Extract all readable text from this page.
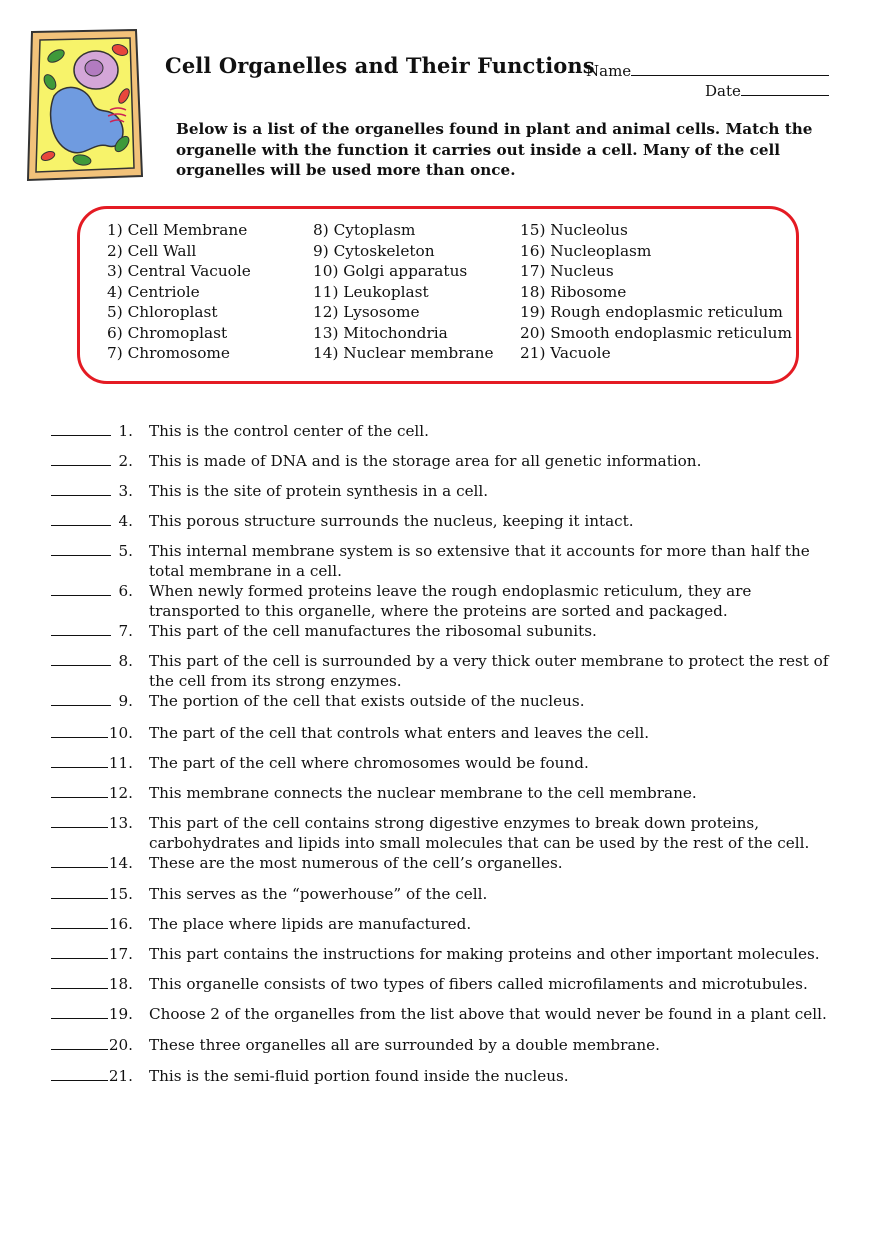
Cell Organelles and Their Functions
Name
Date

Below is a list of the organelles found in plant and animal cells. Match the organelle with the function it carries out inside a cell. Many of the cell organelles will be used more than once.

1) Cell Membrane
2) Cell Wall
3) Central Vacuole
4) Centriole
5) Chloroplast
6) Chromoplast
7) Chromosome
8) Cytoplasm
9) Cytoskeleton
10) Golgi apparatus
11) Leukoplast
12) Lysosome
13) Mitochondria
14) Nuclear membrane
15) Nucleolus
16) Nucleoplasm
17) Nucleus
18) Ribosome
19) Rough endoplasmic reticulum
20) Smooth endoplasmic reticulum
21) Vacuole
1. This is the control center of the cell.
2. This is made of DNA and is the storage area for all genetic information.
3. This is the site of protein synthesis in a cell.
4. This porous structure surrounds the nucleus, keeping it intact.
5. This internal membrane system is so extensive that it accounts for more than half the total membrane in a cell.
6. When newly formed proteins leave the rough endoplasmic reticulum, they are transported to this organelle, where the proteins are sorted and packaged.
7. This part of the cell manufactures the ribosomal subunits.
8. This part of the cell is surrounded by a very thick outer membrane to protect the rest of the cell from its strong enzymes.
9. The portion of the cell that exists outside of the nucleus.
10. The part of the cell that controls what enters and leaves the cell.
11. The part of the cell where chromosomes would be found.
12. This membrane connects the nuclear membrane to the cell membrane.
13. This part of the cell contains strong digestive enzymes to break down proteins, carbohydrates and lipids into small molecules that can be used by the rest of the cell.
14. These are the most numerous of the cell’s organelles.
15. This serves as the “powerhouse” of the cell.
16. The place where lipids are manufactured.
17. This part contains the instructions for making proteins and other important molecules.
18. This organelle consists of two types of fibers called microfilaments and microtubules.
19. Choose 2 of the organelles from the list above that would never be found in a plant cell.
20. These three organelles all are surrounded by a double membrane.
21. This is the semi-fluid portion found inside the nucleus.
